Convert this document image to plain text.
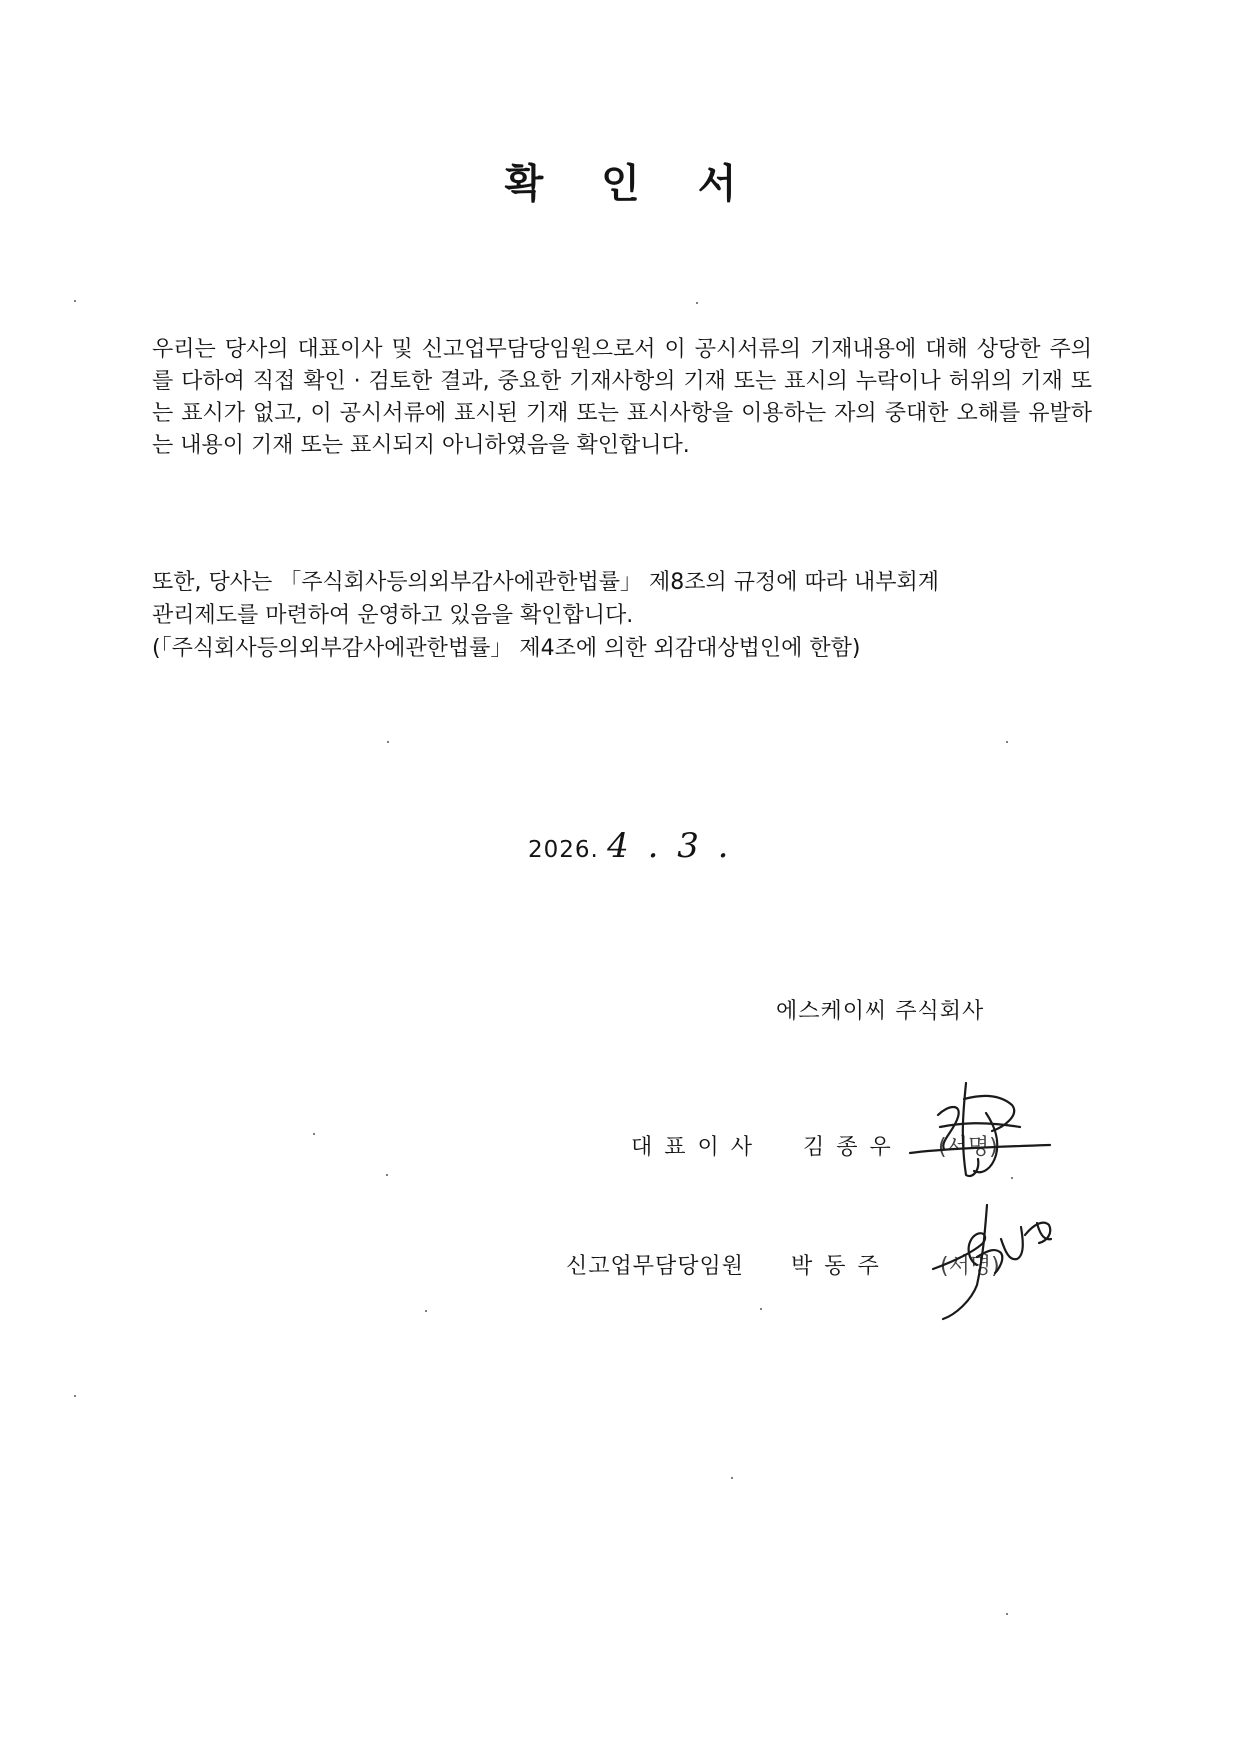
확 인 서

우리는 당사의 대표이사 및 신고업무담당임원으로서 이 공시서류의 기재내용에 대해 상당한 주의를 다하여 직접 확인 · 검토한 결과, 중요한 기재사항의 기재 또는 표시의 누락이나 허위의 기재 또는 표시가 없고, 이 공시서류에 표시된 기재 또는 표시사항을 이용하는 자의 중대한 오해를 유발하는 내용이 기재 또는 표시되지 아니하였음을 확인합니다.

또한, 당사는 「주식회사등의외부감사에관한법률」 제8조의 규정에 따라 내부회계
관리제도를 마련하여 운영하고 있음을 확인합니다.
(「주식회사등의외부감사에관한법률」 제4조에 의한 외감대상법인에 한함)

2026. 4 . 3 .
에스케이씨 주식회사
대표이사 김종우 (서명)
신고업무담당임원 박동주 (서명)
